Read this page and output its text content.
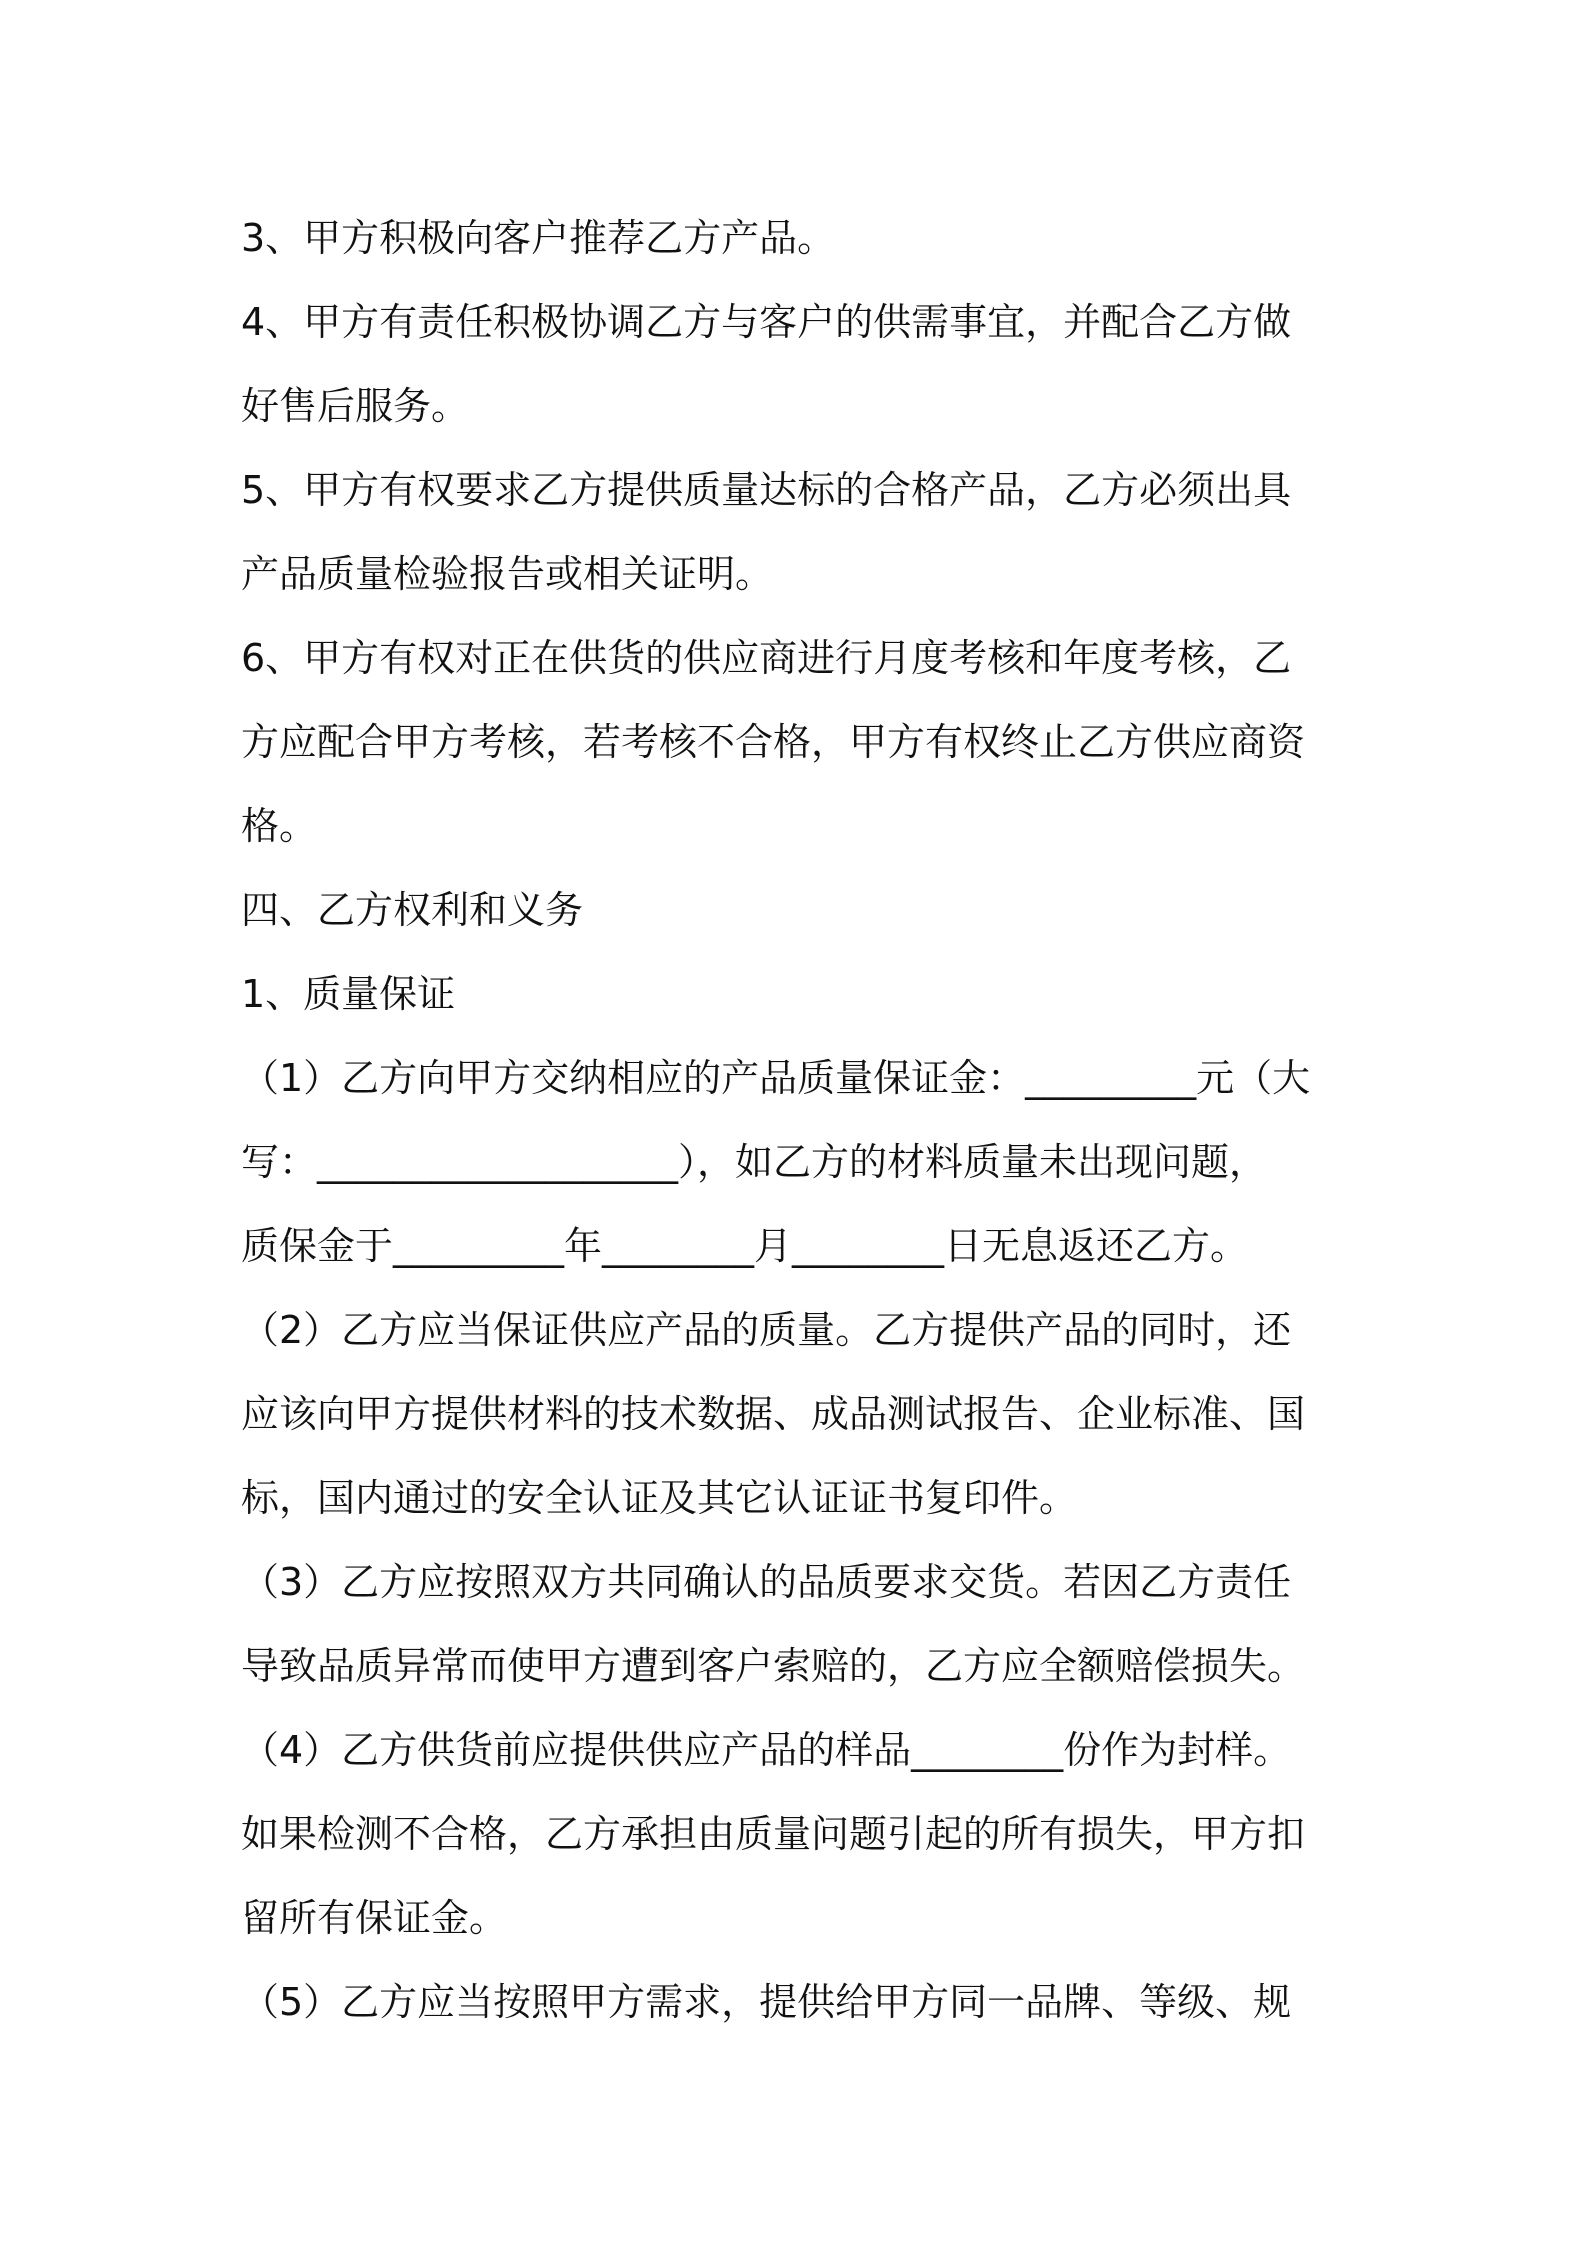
3、甲方积极向客户推荐乙方产品。
4、甲方有责任积极协调乙方与客户的供需事宜，并配合乙方做
好售后服务。
5、甲方有权要求乙方提供质量达标的合格产品，乙方必须出具
产品质量检验报告或相关证明。
6、甲方有权对正在供货的供应商进行月度考核和年度考核，乙
方应配合甲方考核，若考核不合格，甲方有权终止乙方供应商资
格。
四、乙方权利和义务
1、质量保证
（1）乙方向甲方交纳相应的产品质量保证金：_________元（大
写：___________________），如乙方的材料质量未出现问题，
质保金于_________年________月________日无息返还乙方。
（2）乙方应当保证供应产品的质量。乙方提供产品的同时，还
应该向甲方提供材料的技术数据、成品测试报告、企业标准、国
标，国内通过的安全认证及其它认证证书复印件。
（3）乙方应按照双方共同确认的品质要求交货。若因乙方责任
导致品质异常而使甲方遭到客户索赔的，乙方应全额赔偿损失。
（4）乙方供货前应提供供应产品的样品________份作为封样。
如果检测不合格，乙方承担由质量问题引起的所有损失，甲方扣
留所有保证金。
（5）乙方应当按照甲方需求，提供给甲方同一品牌、等级、规
